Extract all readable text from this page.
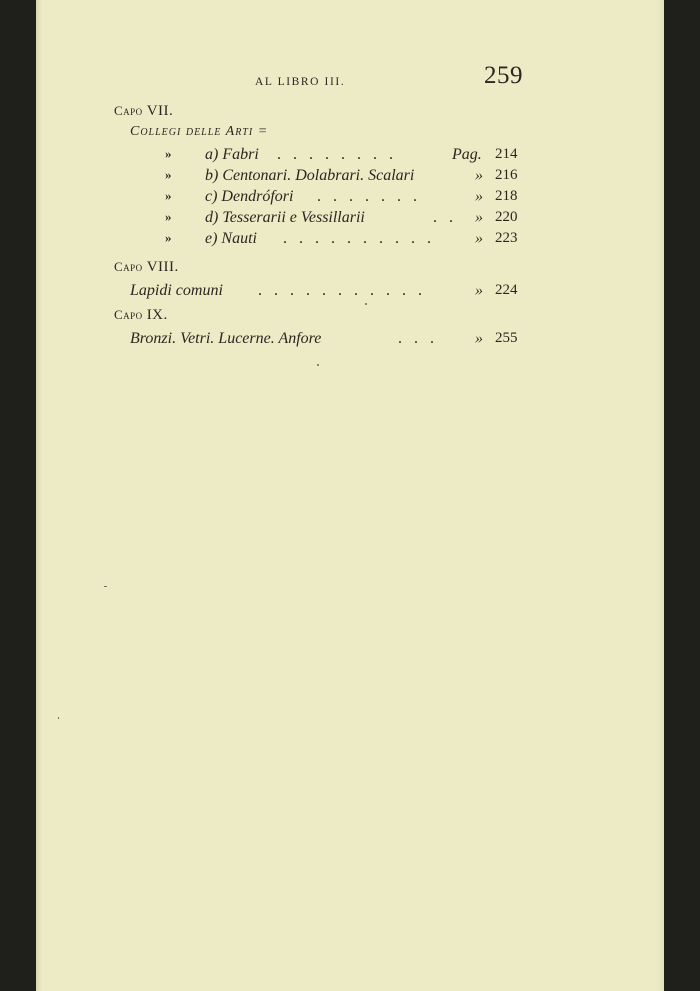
AL LIBRO III.	259
Capo VII.
Collegi delle Arti =
» a) Fabri . . . . . . . .	Pag. 214
» b) Centonari. Dolabrari. Scalari	» 216
» c) Dendrófori . . . . . . .	» 218
» d) Tesserarii e Vessillarii	. . » 220
» e) Nauti . . . . . . . . . .	» 223
Capo VIII.
Lapidi comuni . . . . . . . . . . .	» 224
Capo IX.
Bronzi. Vetri. Lucerne. Anfore	. . . » 255
